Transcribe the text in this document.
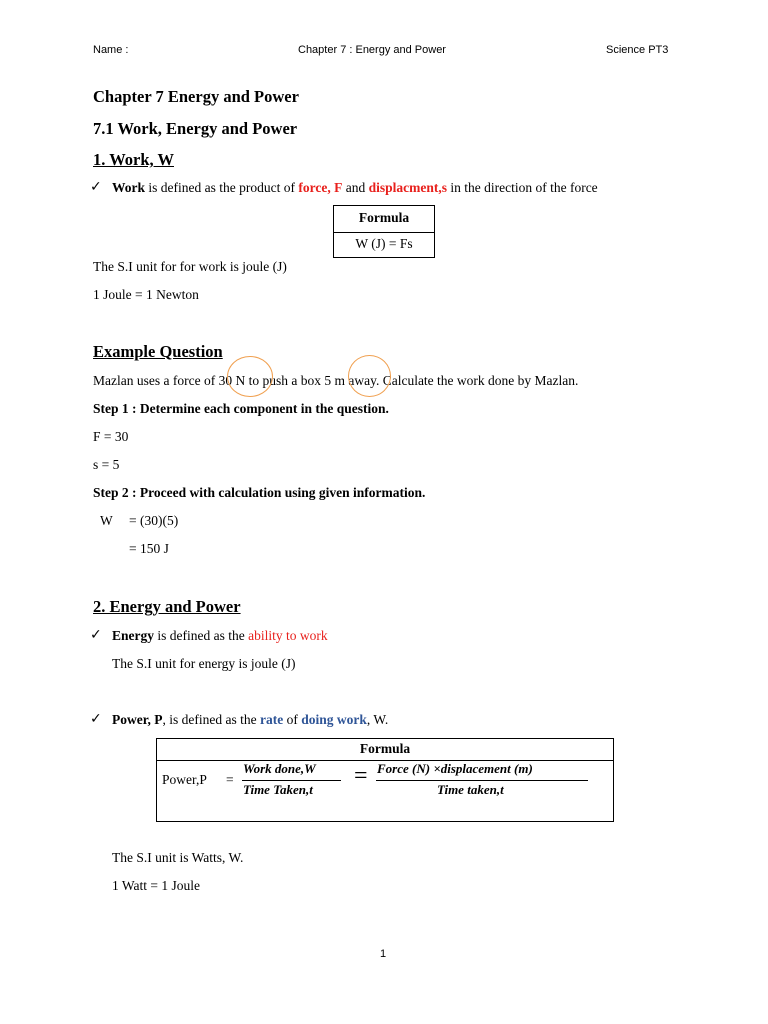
Name :	Chapter 7 : Energy and Power	Science PT3
Chapter 7 Energy and Power
7.1 Work, Energy and Power
1. Work, W
✓ Work is defined as the product of force, F and displacment,s in the direction of the force
Formula
W (J) = Fs
The S.I unit for for work is joule (J)
1 Joule = 1 Newton
Example Question
Mazlan uses a force of 30 N to push a box 5 m away. Calculate the work done by Mazlan.
Step 1 : Determine each component in the question.
F = 30
s = 5
Step 2 : Proceed with calculation using given information.
W = (30)(5)
= 150 J
2. Energy and Power
✓ Energy is defined as the ability to work
The S.I unit for energy is joule (J)
✓ Power, P, is defined as the rate of doing work, W.
Formula
Power,P =
Work done,W
Time Taken,t
= Force (N) ×displacement (m)
Time taken,t
The S.I unit is Watts, W.
1 Watt = 1 Joule
1
